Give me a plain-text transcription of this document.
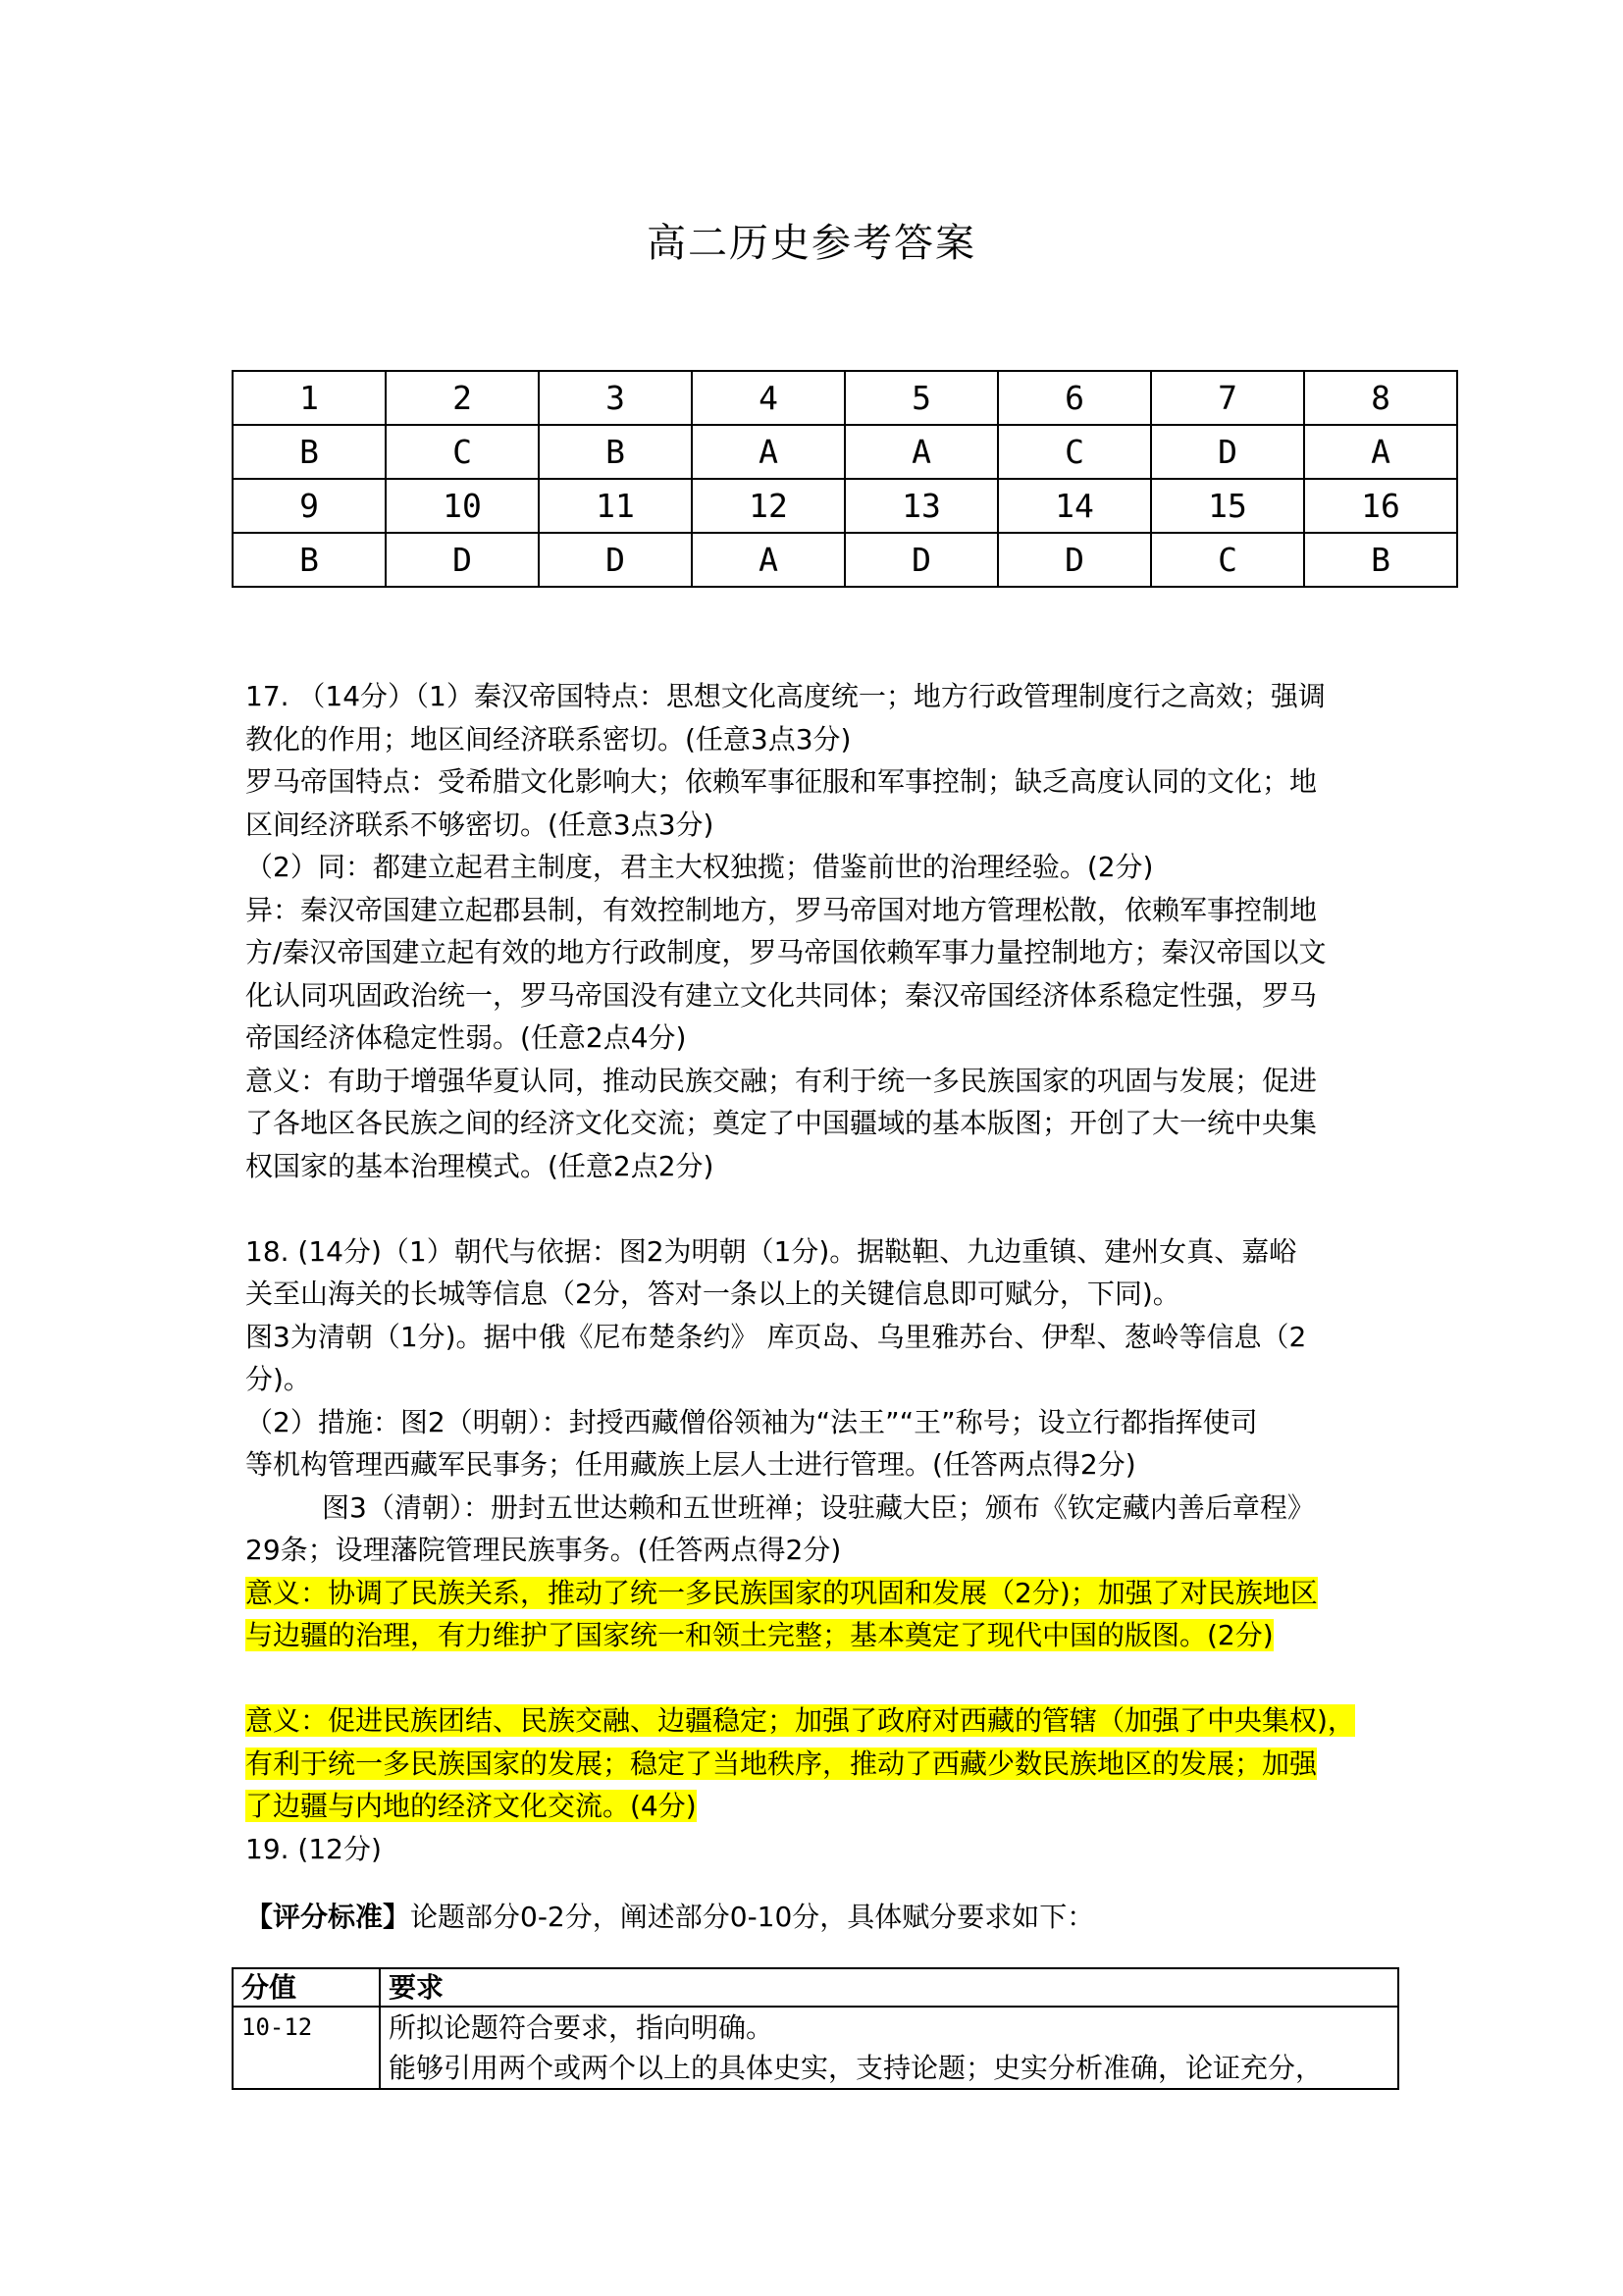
高二历史参考答案
1	2	3	4	5	6	7	8
B	C	B	A	A	C	D	A
9	10	11	12	13	14	15	16
B	D	D	A	D	D	C	B

17. （14分）（1）秦汉帝国特点：思想文化高度统一；地方行政管理制度行之高效；强调

教化的作用；地区间经济联系密切。(任意3点3分)

罗马帝国特点：受希腊文化影响大；依赖军事征服和军事控制；缺乏高度认同的文化；地

区间经济联系不够密切。(任意3点3分)

（2）同：都建立起君主制度，君主大权独揽；借鉴前世的治理经验。(2分)

异：秦汉帝国建立起郡县制，有效控制地方，罗马帝国对地方管理松散，依赖军事控制地

方/秦汉帝国建立起有效的地方行政制度，罗马帝国依赖军事力量控制地方；秦汉帝国以文

化认同巩固政治统一，罗马帝国没有建立文化共同体；秦汉帝国经济体系稳定性强，罗马

帝国经济体稳定性弱。(任意2点4分)

意义：有助于增强华夏认同，推动民族交融；有利于统一多民族国家的巩固与发展；促进

了各地区各民族之间的经济文化交流；奠定了中国疆域的基本版图；开创了大一统中央集

权国家的基本治理模式。(任意2点2分)

18. (14分)（1）朝代与依据：图2为明朝（1分)。据鞑靼、九边重镇、建州女真、嘉峪

关至山海关的长城等信息（2分，答对一条以上的关键信息即可赋分，下同)。

图3为清朝（1分)。据中俄《尼布楚条约》 库页岛、乌里雅苏台、伊犁、葱岭等信息（2

分)。

（2）措施：图2（明朝）：封授西藏僧俗领袖为“法王”“王”称号；设立行都指挥使司

等机构管理西藏军民事务；任用藏族上层人士进行管理。(任答两点得2分)

图3（清朝）：册封五世达赖和五世班禅；设驻藏大臣；颁布《钦定藏内善后章程》

29条；设理藩院管理民族事务。(任答两点得2分)

意义：协调了民族关系，推动了统一多民族国家的巩固和发展（2分)；加强了对民族地区

与边疆的治理，有力维护了国家统一和领土完整；基本奠定了现代中国的版图。(2分)

意义：促进民族团结、民族交融、边疆稳定；加强了政府对西藏的管辖（加强了中央集权)，

有利于统一多民族国家的发展；稳定了当地秩序，推动了西藏少数民族地区的发展；加强

了边疆与内地的经济文化交流。(4分)

19. (12分)

【评分标准】论题部分0-2分，阐述部分0-10分，具体赋分要求如下：

分值	要求
10-12	所拟论题符合要求，指向明确。
能够引用两个或两个以上的具体史实，支持论题；史实分析准确，论证充分，
